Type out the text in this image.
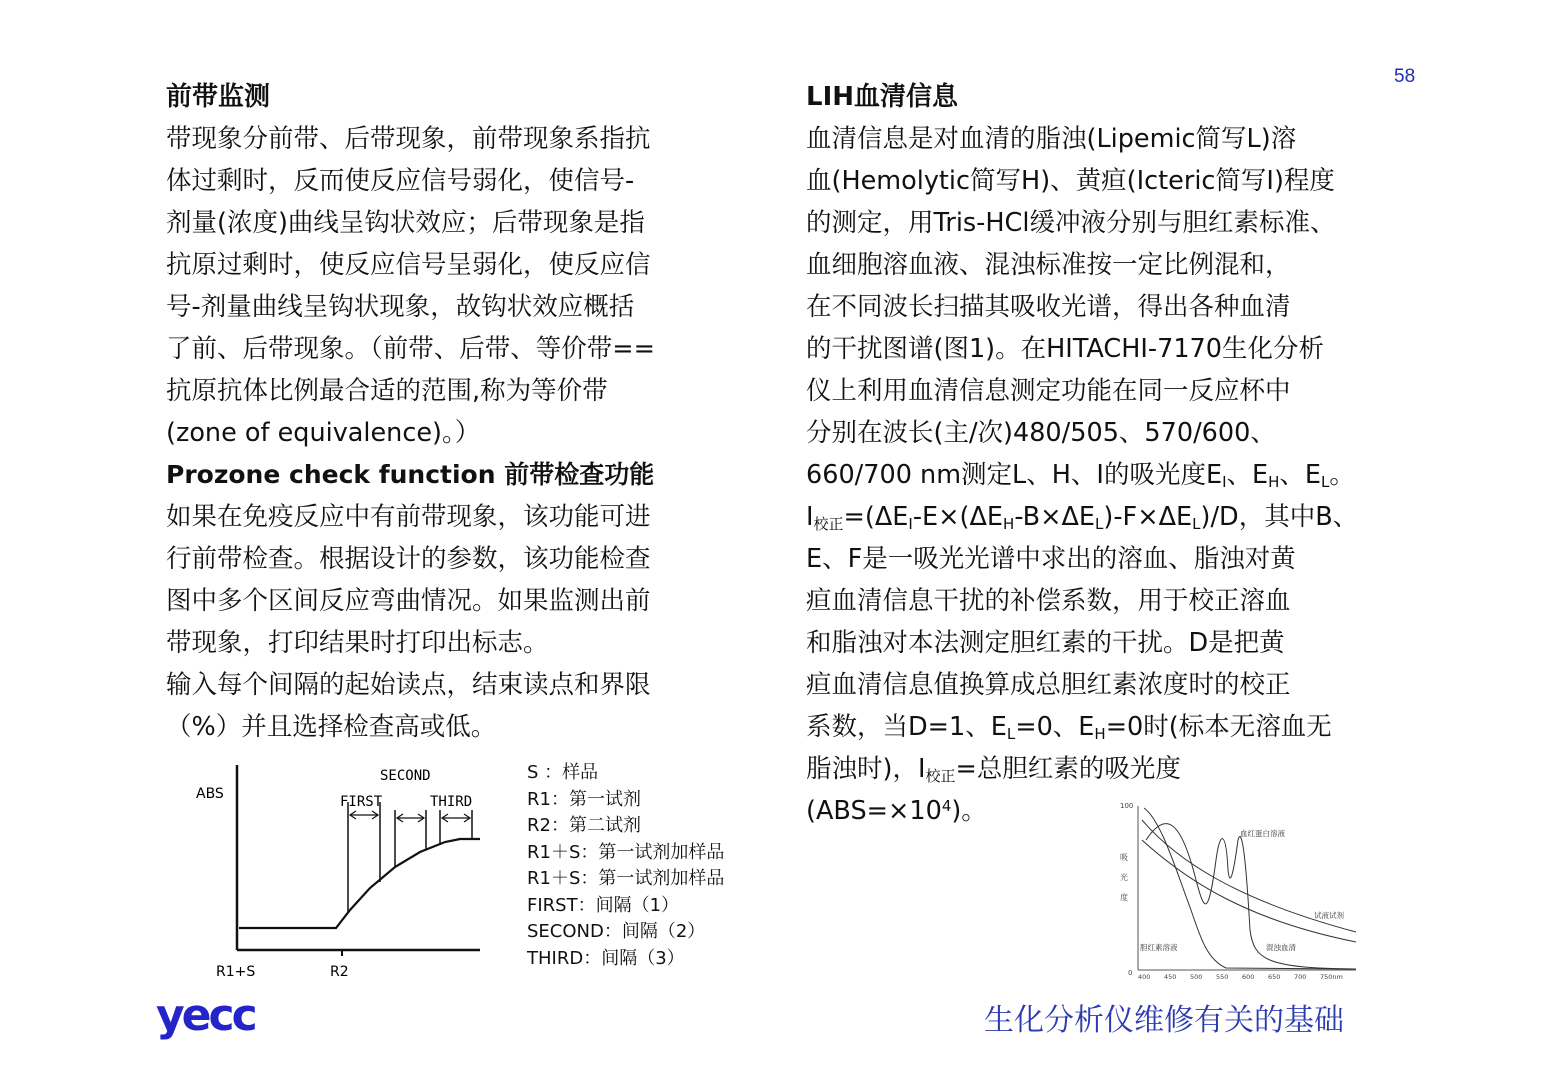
58
前带监测
带现象分前带、后带现象，前带现象系指抗
体过剩时，反而使反应信号弱化，使信号-
剂量(浓度)曲线呈钩状效应；后带现象是指
抗原过剩时，使反应信号呈弱化，使反应信
号-剂量曲线呈钩状现象，故钩状效应概括
了前、后带现象。（前带、后带、等价带==
抗原抗体比例最合适的范围,称为等价带
(zone of equivalence)。）
Prozone check function 前带检查功能
如果在免疫反应中有前带现象，该功能可进
行前带检查。根据设计的参数，该功能检查
图中多个区间反应弯曲情况。如果监测出前
带现象，打印结果时打印出标志。
输入每个间隔的起始读点，结束读点和界限
（%）并且选择检查高或低。
ABS	FIRST
SECOND
THIRD
R1+S	R2
S ：样品
R1：第一试剂
R2：第二试剂
R1＋S：第一试剂加样品
R1＋S：第一试剂加样品
FIRST：间隔（1）
SECOND：间隔（2）
THIRD：间隔（3）
LIH血清信息
血清信息是对血清的脂浊(Lipemic简写L)溶
血(Hemolytic简写H)、黄疸(Icteric简写I)程度
的测定，用Tris-HCl缓冲液分别与胆红素标准、
血细胞溶血液、混浊标准按一定比例混和，
在不同波长扫描其吸收光谱，得出各种血清
的干扰图谱(图1)。在HITACHI-7170生化分析
仪上利用血清信息测定功能在同一反应杯中
分别在波长(主/次)480/505、570/600、
660/700 nm测定L、H、I的吸光度$E_I$、$E_H$、$E_L$。
$I_{校正}=(\Delta E_I-E\times(\Delta E_H-B\times\Delta E_L)-F\times\Delta E_L)/D$，其中B、
E、F是一吸光光谱中求出的溶血、脂浊对黄
疸血清信息干扰的补偿系数，用于校正溶血
和脂浊对本法测定胆红素的干扰。D是把黄
疸血清信息值换算成总胆红素浓度时的校正
系数，当D=1、$E_L=0$、$E_H=0$时(标本无溶血无
脂浊时)，$I_{校正}=$总胆红素的吸光度
$(ABS=\times 10^4)$。	100
0
吸
光
度
400 450 500 550 600 650 700 750nm
血红蛋白溶液
试液试剂
胆红素溶液	混浊血清
yecc	生化分析仪维修有关的基础
